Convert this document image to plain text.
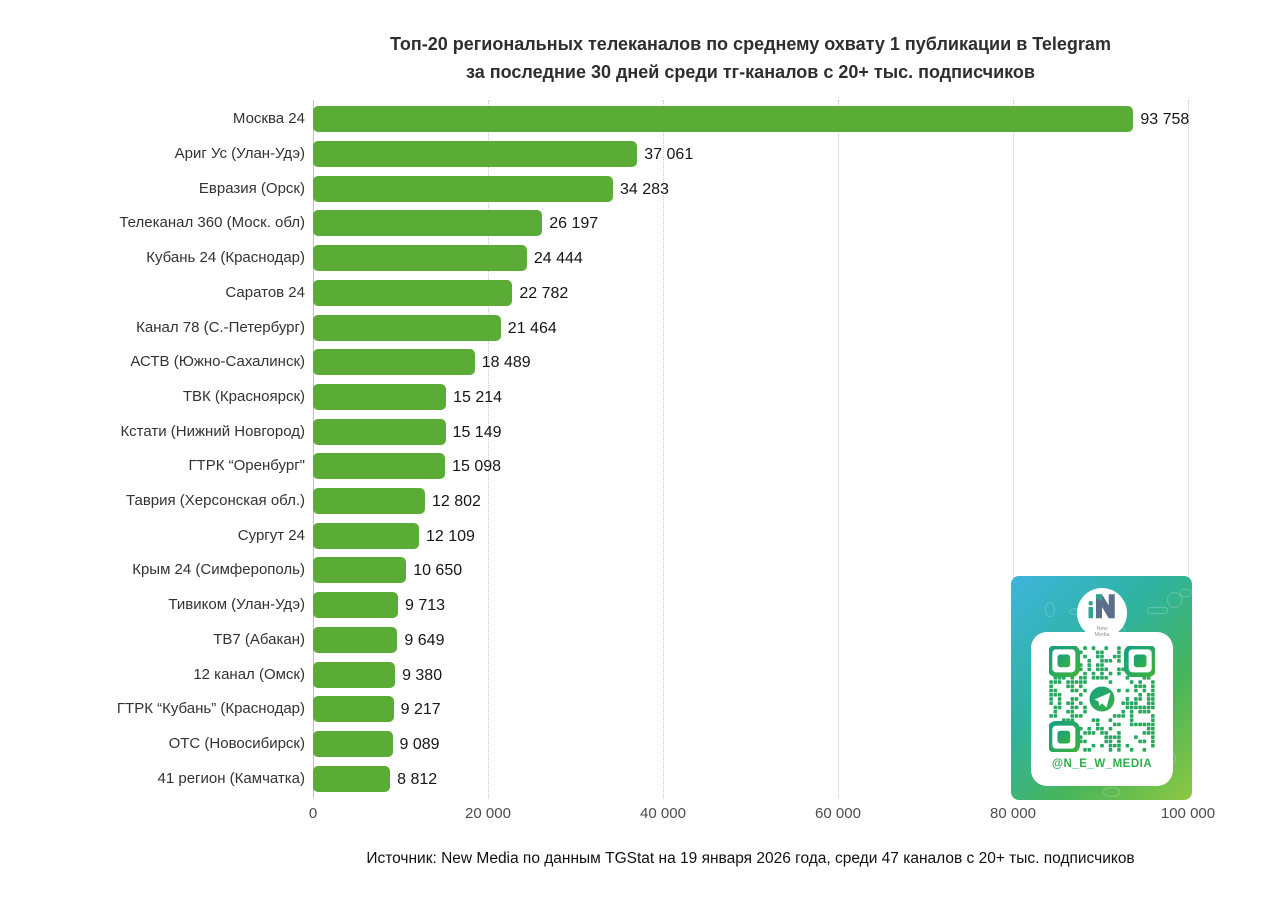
Топ-20 региональных телеканалов по среднему охвату 1 публикации в Telegram
за последние 30 дней среди тг-каналов с 20+ тыс. подписчиков
0	20 000	40 000	60 000	80 000	100 000
Москва 24	93 758
Ариг Ус (Улан-Удэ)	37 061
Евразия (Орск)	34 283
Телеканал 360 (Моск. обл)	26 197
Кубань 24 (Краснодар)	24 444
Саратов 24	22 782
Канал 78 (С.-Петербург)	21 464
АСТВ (Южно-Сахалинск)	18 489
ТВК (Красноярск)	15 214
Кстати (Нижний Новгород)	15 149
ГТРК “Оренбург"	15 098
Таврия (Херсонская обл.)	12 802
Сургут 24	12 109
Крым 24 (Симферополь)	10 650
Тивиком (Улан-Удэ)	9 713
ТВ7 (Абакан)	9 649
12 канал (Омск)	9 380
ГТРК “Кубань” (Краснодар)	9 217
ОТС (Новосибирск)	9 089
41 регион (Камчатка)	8 812
Источник: New Media по данным TGStat на 19 января 2026 года, среди 47 каналов с 20+ тыс. подписчиков
New
Media
@N_E_W_MEDIA
